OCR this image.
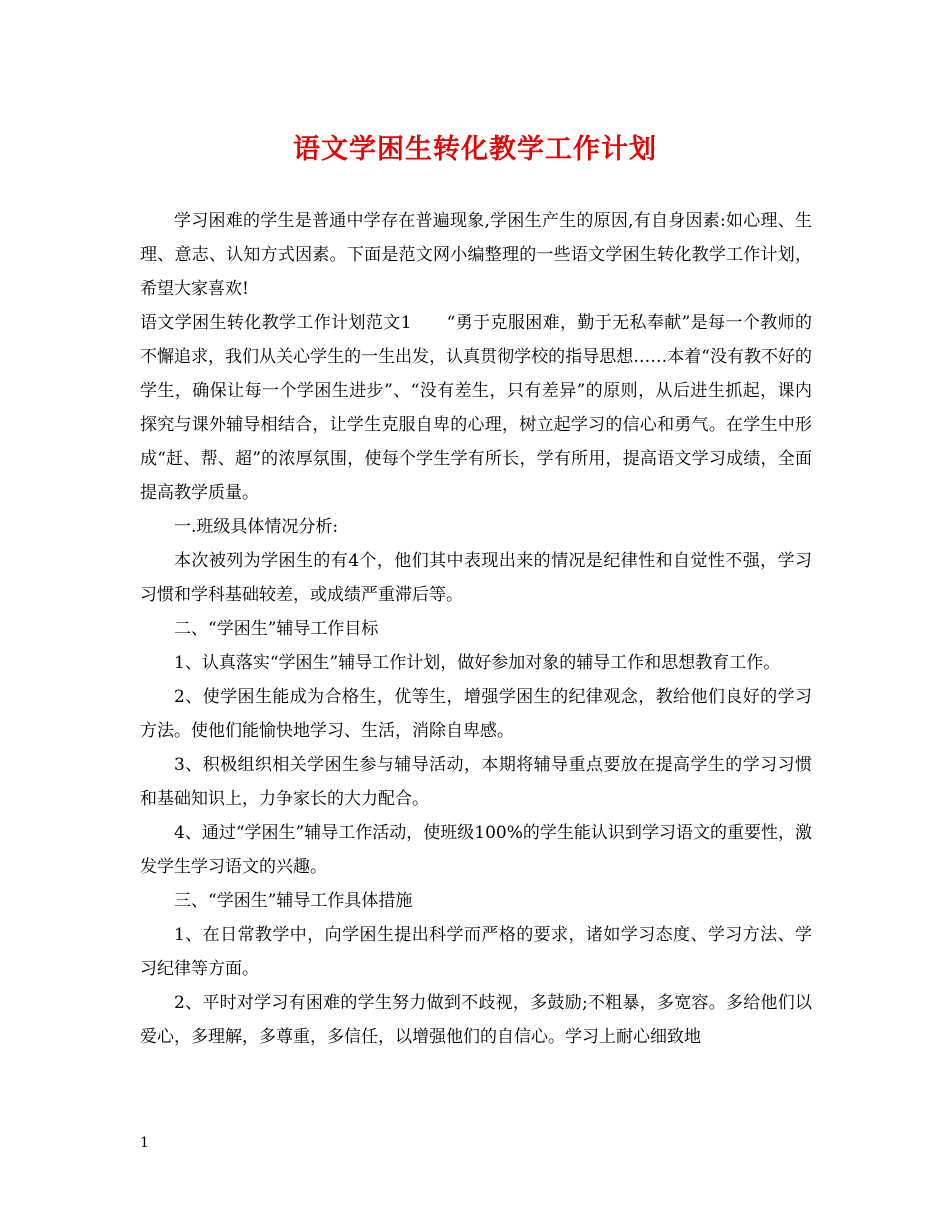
语文学困生转化教学工作计划

学习困难的学生是普通中学存在普遍现象,学困生产生的原因,有自身因素:如心理、生理、意志、认知方式因素。下面是范文网小编整理的一些语文学困生转化教学工作计划，希望大家喜欢!

语文学困生转化教学工作计划范文1　　“勇于克服困难，勤于无私奉献”是每一个教师的不懈追求，我们从关心学生的一生出发，认真贯彻学校的指导思想……本着“没有教不好的学生，确保让每一个学困生进步”、“没有差生，只有差异”的原则，从后进生抓起，课内探究与课外辅导相结合，让学生克服自卑的心理，树立起学习的信心和勇气。在学生中形成“赶、帮、超”的浓厚氛围，使每个学生学有所长，学有所用，提高语文学习成绩，全面提高教学质量。

一.班级具体情况分析:

本次被列为学困生的有4个，他们其中表现出来的情况是纪律性和自觉性不强，学习习惯和学科基础较差，或成绩严重滞后等。

二、“学困生”辅导工作目标

1、认真落实“学困生”辅导工作计划，做好参加对象的辅导工作和思想教育工作。

2、使学困生能成为合格生，优等生，增强学困生的纪律观念，教给他们良好的学习方法。使他们能愉快地学习、生活，消除自卑感。

3、积极组织相关学困生参与辅导活动，本期将辅导重点要放在提高学生的学习习惯和基础知识上，力争家长的大力配合。

4、通过“学困生”辅导工作活动，使班级100%的学生能认识到学习语文的重要性，激发学生学习语文的兴趣。

三、“学困生”辅导工作具体措施

1、在日常教学中，向学困生提出科学而严格的要求，诸如学习态度、学习方法、学习纪律等方面。

2、平时对学习有困难的学生努力做到不歧视，多鼓励;不粗暴，多宽容。多给他们以爱心，多理解，多尊重，多信任，以增强他们的自信心。学习上耐心细致地

1
